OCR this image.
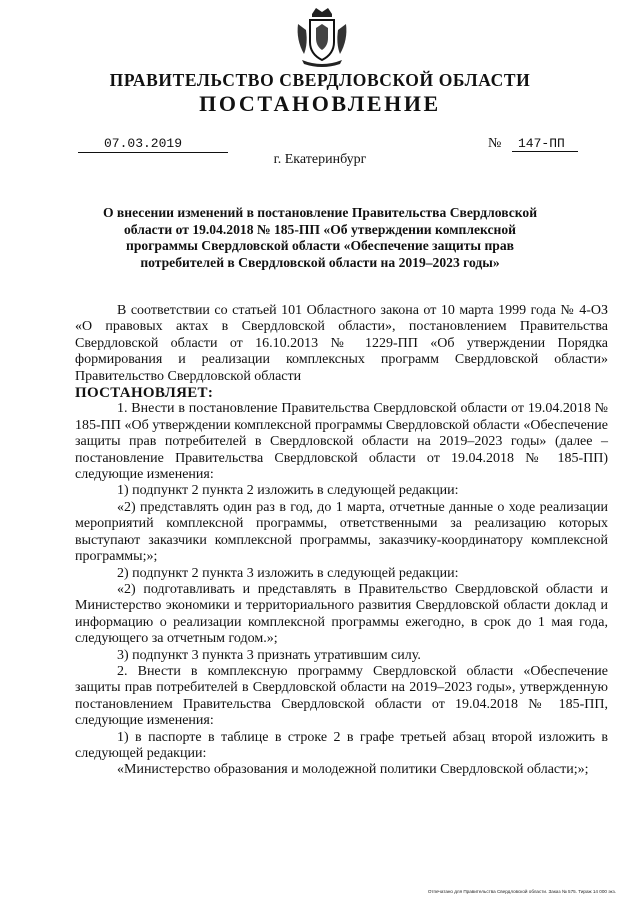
ПРАВИТЕЛЬСТВО СВЕРДЛОВСКОЙ ОБЛАСТИ
ПОСТАНОВЛЕНИЕ
07.03.2019	№	147-ПП
г. Екатеринбург
О внесении изменений в постановление Правительства Свердловской области от 19.04.2018 № 185-ПП «Об утверждении комплексной программы Свердловской области «Обеспечение защиты прав потребителей в Свердловской области на 2019–2023 годы»

В соответствии со статьей 101 Областного закона от 10 марта 1999 года № 4-ОЗ «О правовых актах в Свердловской области», постановлением Правительства Свердловской области от 16.10.2013 № 1229-ПП «Об утверждении Порядка формирования и реализации комплексных программ Свердловской области» Правительство Свердловской области

ПОСТАНОВЛЯЕТ:

1. Внести в постановление Правительства Свердловской области от 19.04.2018 № 185-ПП «Об утверждении комплексной программы Свердловской области «Обеспечение защиты прав потребителей в Свердловской области на 2019–2023 годы» (далее – постановление Правительства Свердловской области от 19.04.2018 № 185-ПП) следующие изменения:

1) подпункт 2 пункта 2 изложить в следующей редакции:

«2) представлять один раз в год, до 1 марта, отчетные данные о ходе реализации мероприятий комплексной программы, ответственными за реализацию которых выступают заказчики комплексной программы, заказчику-координатору комплексной программы;»;

2) подпункт 2 пункта 3 изложить в следующей редакции:

«2) подготавливать и представлять в Правительство Свердловской области и Министерство экономики и территориального развития Свердловской области доклад и информацию о реализации комплексной программы ежегодно, в срок до 1 мая года, следующего за отчетным годом.»;

3) подпункт 3 пункта 3 признать утратившим силу.

2. Внести в комплексную программу Свердловской области «Обеспечение защиты прав потребителей в Свердловской области на 2019–2023 годы», утвержденную постановлением Правительства Свердловской области от 19.04.2018 № 185-ПП, следующие изменения:

1) в паспорте в таблице в строке 2 в графе третьей абзац второй изложить в следующей редакции:

«Министерство образования и молодежной политики Свердловской области;»;

Отпечатано для Правительства Свердловской области. Заказ № 575. Тираж 14 000 экз.
